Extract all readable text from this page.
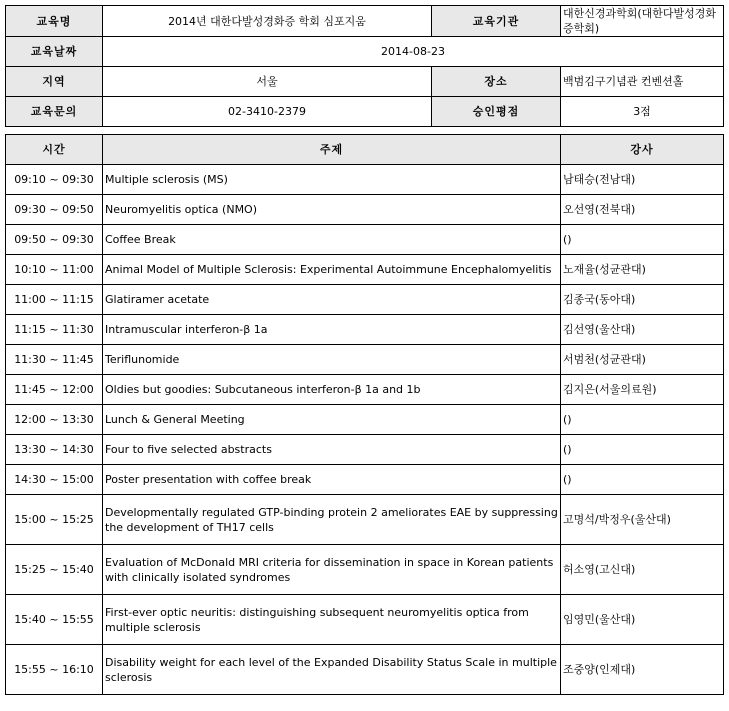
교육명	2014년 대한다발성경화증 학회 심포지움	교육기관	대한신경과학회(대한다발성경화증학회)
교육날짜	2014-08-23		
지역	서울	장소	백범김구기념관 컨벤션홀
교육문의	02-3410-2379	승인평점	3점
시간	주제	강사
09:10 ~ 09:30	Multiple sclerosis (MS)	남태승(전남대)
09:30 ~ 09:50	Neuromyelitis optica (NMO)	오선영(전북대)
09:50 ~ 09:30	Coffee Break	()
10:10 ~ 11:00	Animal Model of Multiple Sclerosis: Experimental Autoimmune Encephalomyelitis	노재율(성균관대)
11:00 ~ 11:15	Glatiramer acetate	김종국(동아대)
11:15 ~ 11:30	Intramuscular interferon-β 1a	김선영(울산대)
11:30 ~ 11:45	Teriflunomide	서범천(성균관대)
11:45 ~ 12:00	Oldies but goodies: Subcutaneous interferon-β 1a and 1b	김지은(서울의료원)
12:00 ~ 13:30	Lunch & General Meeting	()
13:30 ~ 14:30	Four to five selected abstracts	()
14:30 ~ 15:00	Poster presentation with coffee break	()
15:00 ~ 15:25	Developmentally regulated GTP-binding protein 2 ameliorates EAE by suppressing the development of TH17 cells	고명석/박정우(울산대)
15:25 ~ 15:40	Evaluation of McDonald MRI criteria for dissemination in space in Korean patients with clinically isolated syndromes	허소영(고신대)
15:40 ~ 15:55	First-ever optic neuritis: distinguishing subsequent neuromyelitis optica from multiple sclerosis	임영민(울산대)
15:55 ~ 16:10	Disability weight for each level of the Expanded Disability Status Scale in multiple sclerosis	조중양(인제대)
